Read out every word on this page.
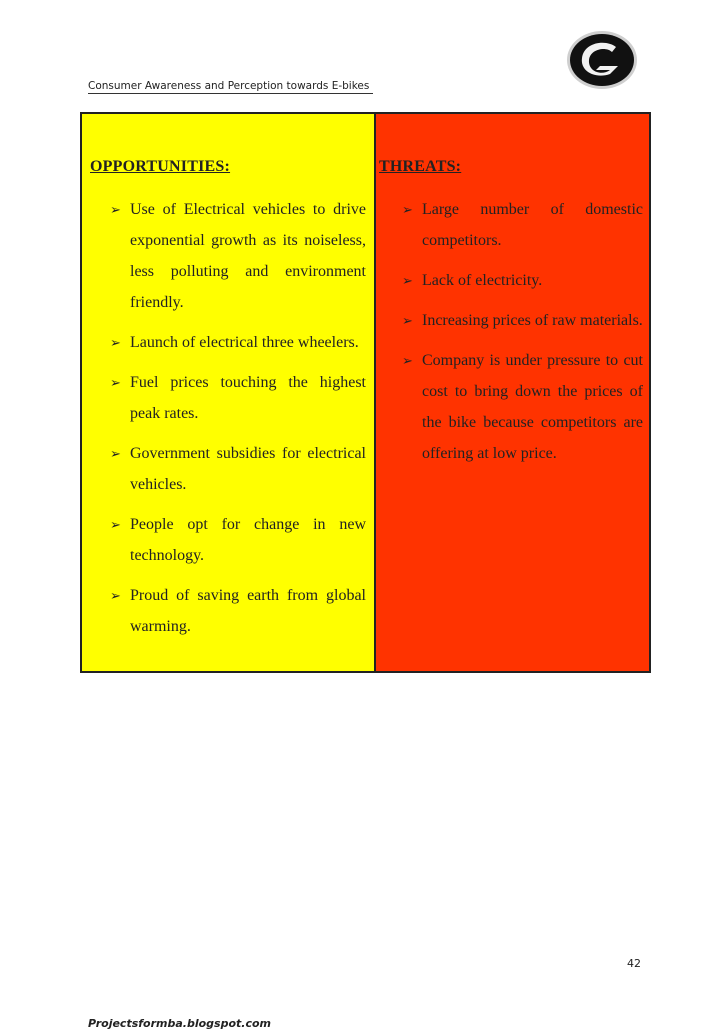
Consumer Awareness and Perception towards E-bikes
OPPORTUNITIES:
➢ Use of Electrical vehicles to drive exponential growth as its noiseless, less polluting and environment friendly.
➢ Launch of electrical three wheelers.
➢ Fuel prices touching the highest peak rates.
➢ Government subsidies for electrical vehicles.
➢ People opt for change in new technology.
➢ Proud of saving earth from global warming.
THREATS:
➢ Large number of domestic competitors.
➢ Lack of electricity.
➢ Increasing prices of raw materials.
➢ Company is under pressure to cut cost to bring down the prices of the bike because competitors are offering at low price.
42
Projectsformba.blogspot.com
